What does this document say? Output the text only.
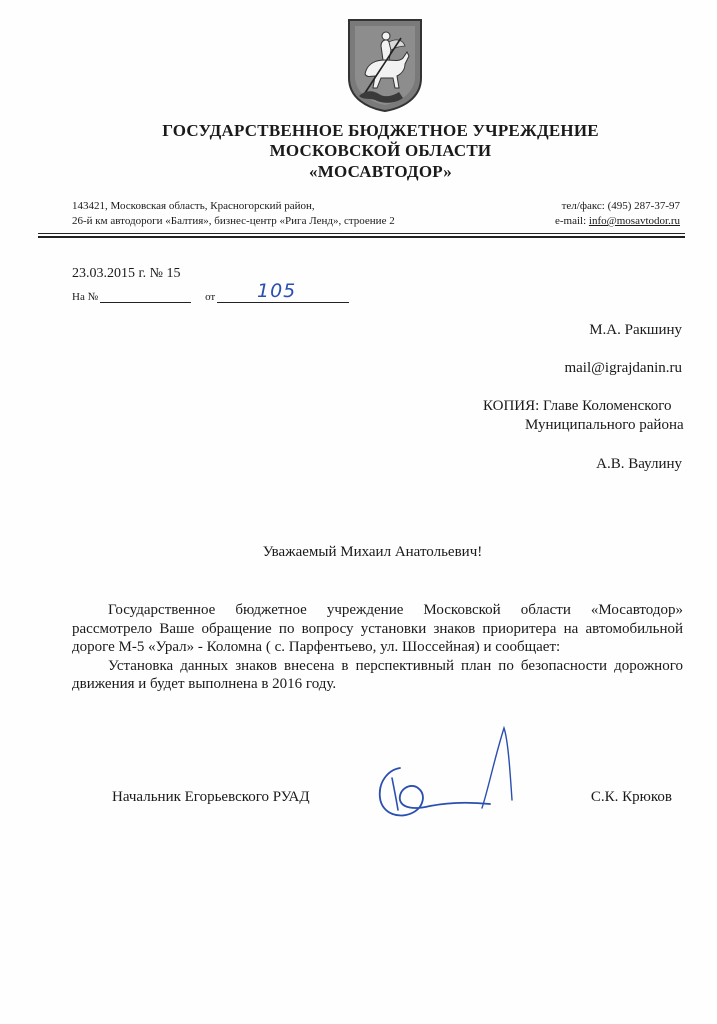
ГОСУДАРСТВЕННОЕ БЮДЖЕТНОЕ УЧРЕЖДЕНИЕ
МОСКОВСКОЙ ОБЛАСТИ
«МОСАВТОДОР»
143421, Московская область, Красногорский район,
26-й км автодороги «Балтия», бизнес-центр «Рига Ленд», строение 2
тел/факс: (495) 287-37-97
e-mail: info@mosavtodor.ru
23.03.2015 г. № 15
На №	от 105
М.А. Ракшину
mail@igrajdanin.ru
КОПИЯ: Главе Коломенского
Муниципального района
А.В. Ваулину
Уважаемый Михаил Анатольевич!

Государственное бюджетное учреждение Московской области «Мосавтодор» рассмотрело Ваше обращение по вопросу установки знаков приоритера на автомобильной дороге М-5 «Урал» - Коломна ( с. Парфентьево, ул. Шоссейная) и сообщает:

Установка данных знаков внесена в перспективный план по безопасности дорожного движения и будет выполнена в 2016 году.

Начальник Егорьевского РУАД	С.К. Крюков
